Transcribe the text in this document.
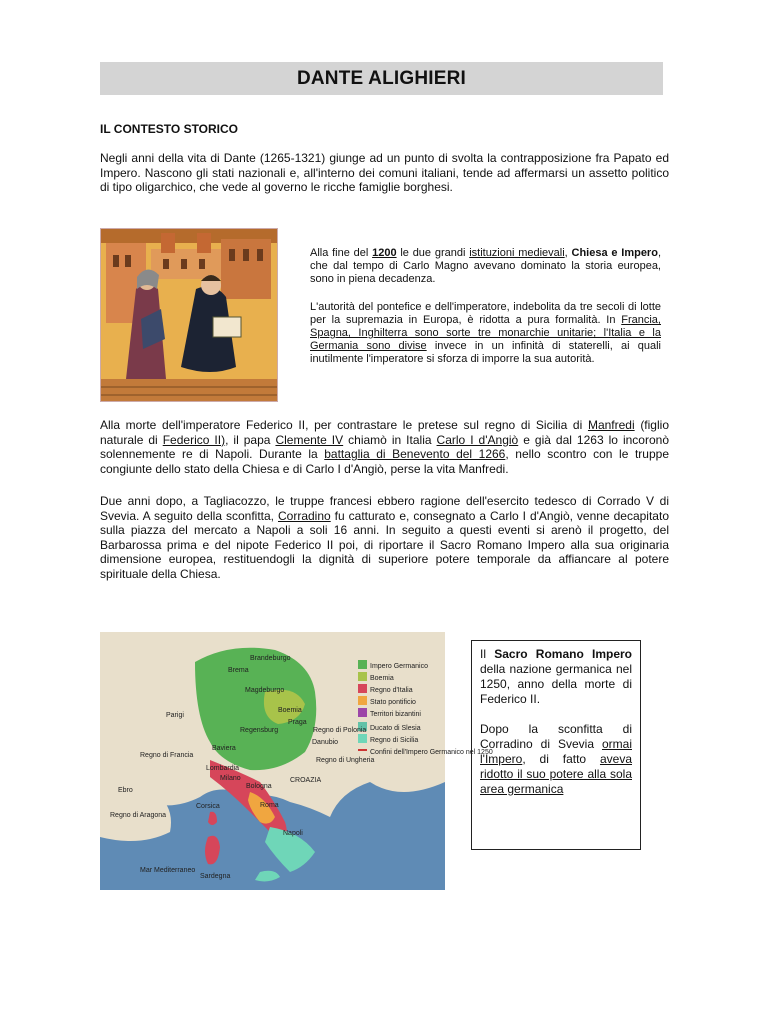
DANTE ALIGHIERI
IL CONTESTO STORICO
Negli anni della vita di Dante (1265-1321) giunge ad un punto di svolta la contrapposizione fra Papato ed Impero. Nascono gli stati nazionali e, all'interno dei comuni italiani, tende ad affermarsi un assetto politico di tipo oligarchico, che vede al governo le ricche famiglie borghesi.
Alla fine del 1200 le due grandi istituzioni medievali, Chiesa e Impero, che dal tempo di Carlo Magno avevano dominato la storia europea, sono in piena decadenza.
L'autorità del pontefice e dell'imperatore, indebolita da tre secoli di lotte per la supremazia in Europa, è ridotta a pura formalità. In Francia, Spagna, Inghilterra sono sorte tre monarchie unitarie; l'Italia e la Germania sono divise invece in un infinità di staterelli, ai quali inutilmente l'imperatore si sforza di imporre la sua autorità.
Alla morte dell'imperatore Federico II, per contrastare le pretese sul regno di Sicilia di Manfredi (figlio naturale di Federico II), il papa Clemente IV chiamò in Italia Carlo I d'Angiò e già dal 1263 lo incoronò solennemente re di Napoli. Durante la battaglia di Benevento del 1266, nello scontro con le truppe congiunte dello stato della Chiesa e di Carlo I d'Angiò, perse la vita Manfredi.
Due anni dopo, a Tagliacozzo, le truppe francesi ebbero ragione dell'esercito tedesco di Corrado V di Svevia. A seguito della sconfitta, Corradino fu catturato e, consegnato a Carlo I d'Angiò, venne decapitato sulla piazza del mercato a Napoli a soli 16 anni. In seguito a questi eventi si arenò il progetto, del Barbarossa prima e del nipote Federico II poi, di riportare il Sacro Romano Impero alla sua originaria dimensione europea, restituendogli la dignità di superiore potere temporale da affiancare al potere spirituale della Chiesa.
Impero Germanico
Boemia
Regno d'Italia
Stato pontificio
Territori bizantini
Ducato di Slesia
Regno di Sicilia
Confini dell'Impero Germanico nel 1250
Brandeburgo
Brema
Magdeburgo
Parigi
Regno di Francia
Boemia
Praga
Regensburg
Baviera
Regno di Polonia
Regno di Ungheria
CROAZIA
Regno di Aragona
Mar Mediterraneo
Roma
Napoli
Sardegna
Corsica
Lombardia
Milano
Bologna
Ebro
Danubio

Il Sacro Romano Impero della nazione germanica nel 1250, anno della morte di Federico II.

Dopo la sconfitta di Corradino di Svevia ormai l'Impero, di fatto aveva ridotto il suo potere alla sola area germanica
